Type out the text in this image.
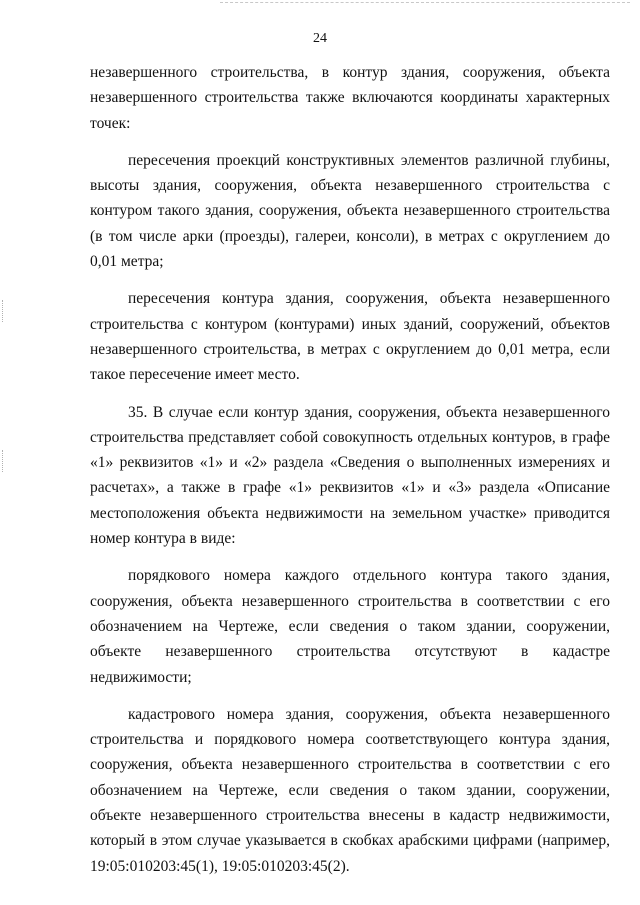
24

незавершенного строительства, в контур здания, сооружения, объекта незавершенного строительства также включаются координаты характерных точек:

пересечения проекций конструктивных элементов различной глубины, высоты здания, сооружения, объекта незавершенного строительства с контуром такого здания, сооружения, объекта незавершенного строительства (в том числе арки (проезды), галереи, консоли), в метрах с округлением до 0,01 метра;

пересечения контура здания, сооружения, объекта незавершенного строительства с контуром (контурами) иных зданий, сооружений, объектов незавершенного строительства, в метрах с округлением до 0,01 метра, если такое пересечение имеет место.

35. В случае если контур здания, сооружения, объекта незавершенного строительства представляет собой совокупность отдельных контуров, в графе «1» реквизитов «1» и «2» раздела «Сведения о выполненных измерениях и расчетах», а также в графе «1» реквизитов «1» и «3» раздела «Описание местоположения объекта недвижимости на земельном участке» приводится номер контура в виде:

порядкового номера каждого отдельного контура такого здания, сооружения, объекта незавершенного строительства в соответствии с его обозначением на Чертеже, если сведения о таком здании, сооружении, объекте незавершенного строительства отсутствуют в кадастре недвижимости;

кадастрового номера здания, сооружения, объекта незавершенного строительства и порядкового номера соответствующего контура здания, сооружения, объекта незавершенного строительства в соответствии с его обозначением на Чертеже, если сведения о таком здании, сооружении, объекте незавершенного строительства внесены в кадастр недвижимости, который в этом случае указывается в скобках арабскими цифрами (например, 19:05:010203:45(1), 19:05:010203:45(2).
